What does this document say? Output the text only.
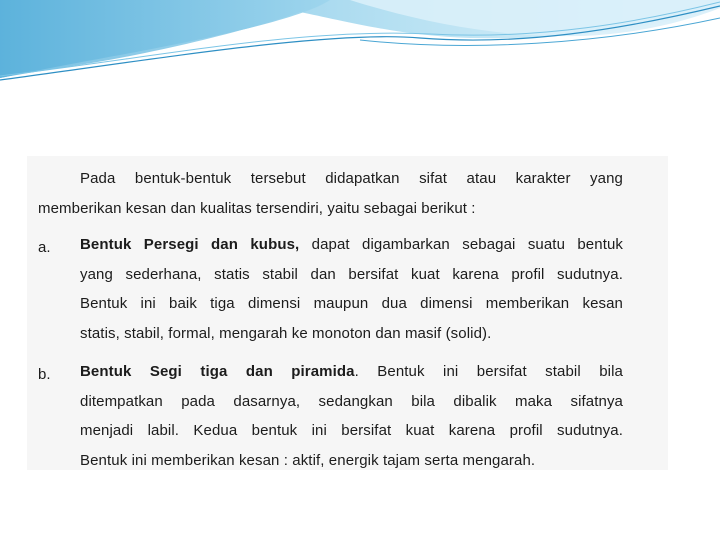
Pada bentuk-bentuk tersebut didapatkan sifat atau karakter yang

memberikan kesan dan kualitas tersendiri, yaitu sebagai berikut :

a. Bentuk Persegi dan kubus, dapat digambarkan sebagai suatu bentuk

yang sederhana, statis stabil dan bersifat kuat karena profil sudutnya.

Bentuk ini baik tiga dimensi maupun dua dimensi memberikan kesan

statis, stabil, formal, mengarah ke monoton dan masif (solid).

b. Bentuk Segi tiga dan piramida. Bentuk ini bersifat stabil bila

ditempatkan pada dasarnya, sedangkan bila dibalik maka sifatnya

menjadi labil. Kedua bentuk ini bersifat kuat karena profil sudutnya.

Bentuk ini memberikan kesan : aktif, energik tajam serta mengarah.
